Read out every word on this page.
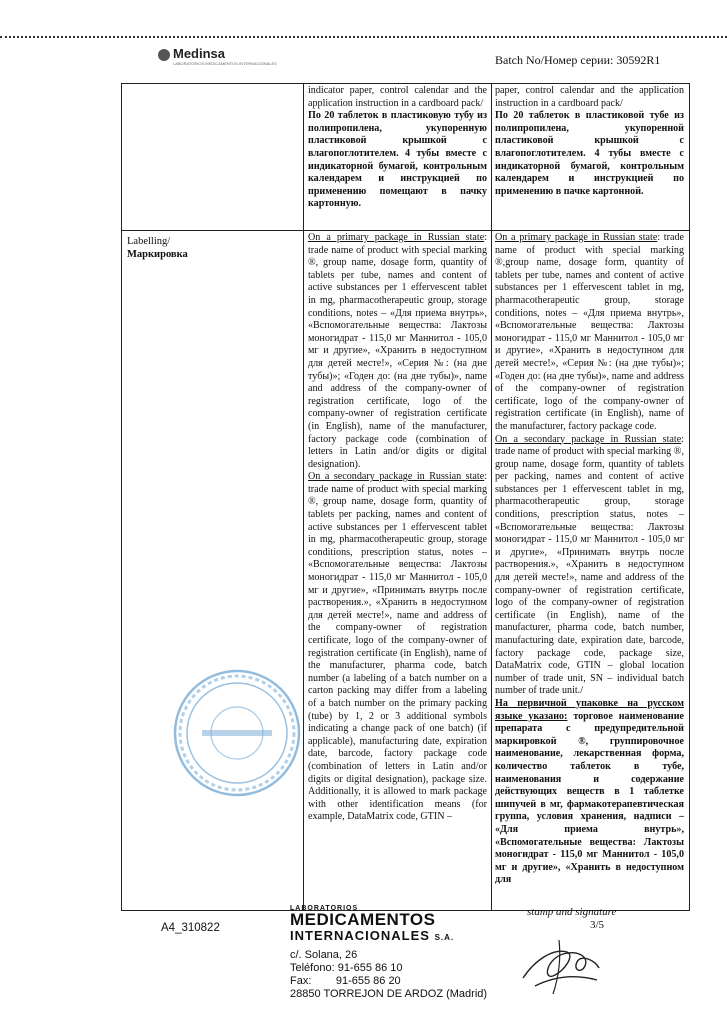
Medinsa
LABORATORIOS MEDICAMENTOS INTERNACIONALES	Batch No/Номер серии: 30592R1

indicator paper, control calendar and the application instruction in a cardboard pack/

По 20 таблеток в пластиковую тубу из полипропилена, укупоренную пластиковой крышкой с влагопоглотителем. 4 тубы вместе с индикаторной бумагой, контрольным календарем и инструкцией по применению помещают в пачку картонную.

paper, control calendar and the application instruction in a cardboard pack/

По 20 таблеток в пластиковой тубе из полипропилена, укупоренной пластиковой крышкой с влагопоглотителем. 4 тубы вместе с индикаторной бумагой, контрольным календарем и инструкцией по применению в пачке картонной.

Labelling/
Маркировка

On a primary package in Russian state: trade name of product with special marking ®, group name, dosage form, quantity of tablets per tube, names and content of active substances per 1 effervescent tablet in mg, pharmacotherapeutic group, storage conditions, notes – «Для приема внутрь», «Вспомогательные вещества: Лактозы моногидрат - 115,0 мг Маннитол - 105,0 мг и другие», «Хранить в недоступном для детей месте!», «Серия №: (на дне тубы)»; «Годен до: (на дне тубы)», name and address of the company-owner of registration certificate, logo of the company-owner of registration certificate (in English), name of the manufacturer, factory package code (combination of letters in Latin and/or digits or digital designation).

On a secondary package in Russian state: trade name of product with special marking ®, group name, dosage form, quantity of tablets per packing, names and content of active substances per 1 effervescent tablet in mg, pharmacotherapeutic group, storage conditions, prescription status, notes – «Вспомогательные вещества: Лактозы моногидрат - 115,0 мг Маннитол - 105,0 мг и другие», «Принимать внутрь после растворения.», «Хранить в недоступном для детей месте!», name and address of the company-owner of registration certificate, logo of the company-owner of registration certificate (in English), name of the manufacturer, pharma code, batch number (a labeling of a batch number on a carton packing may differ from a labeling of a batch number on the primary packing (tube) by 1, 2 or 3 additional symbols indicating a change pack of one batch) (if applicable), manufacturing date, expiration date, barcode, factory package code (combination of letters in Latin and/or digits or digital designation), package size. Additionally, it is allowed to mark package with other identification means (for example, DataMatrix code, GTIN –

On a primary package in Russian state: trade name of product with special marking ®,group name, dosage form, quantity of tablets per tube, names and content of active substances per 1 effervescent tablet in mg, pharmacotherapeutic group, storage conditions, notes – «Для приема внутрь», «Вспомогательные вещества: Лактозы моногидрат - 115,0 мг Маннитол - 105,0 мг и другие», «Хранить в недоступном для детей месте!», «Серия №: (на дне тубы)»; «Годен до: (на дне тубы)», name and address of the company-owner of registration certificate, logo of the company-owner of registration certificate (in English), name of the manufacturer, factory package code.

On a secondary package in Russian state: trade name of product with special marking ®, group name, dosage form, quantity of tablets per packing, names and content of active substances per 1 effervescent tablet in mg, pharmacotherapeutic group, storage conditions, prescription status, notes – «Вспомогательные вещества: Лактозы моногидрат - 115,0 мг Маннитол - 105,0 мг и другие», «Принимать внутрь после растворения.», «Хранить в недоступном для детей месте!», name and address of the company-owner of registration certificate, logo of the company-owner of registration certificate (in English), name of the manufacturer, pharma code, batch number, manufacturing date, expiration date, barcode, factory package code, package size, DataMatrix code, GTIN – global location number of trade unit, SN – individual batch number of trade unit./

На первичной упаковке на русском языке указано: торговое наименование препарата с предупредительной маркировкой ®, группировочное наименование, лекарственная форма, количество таблеток в тубе, наименования и содержание действующих веществ в 1 таблетке шипучей в мг, фармакотерапевтическая группа, условия хранения, надписи – «Для приема внутрь», «Вспомогательные вещества: Лактозы моногидрат - 115,0 мг Маннитол - 105,0 мг и другие», «Хранить в недоступном для

A4_310822
LABORATORIOS
MEDICAMENTOS
INTERNACIONALES S.A.
c/. Solana, 26
Teléfono: 91-655 86 10
Fax:        91-655 86 20
28850 TORREJON DE ARDOZ (Madrid)
stamp and signature
3/5
